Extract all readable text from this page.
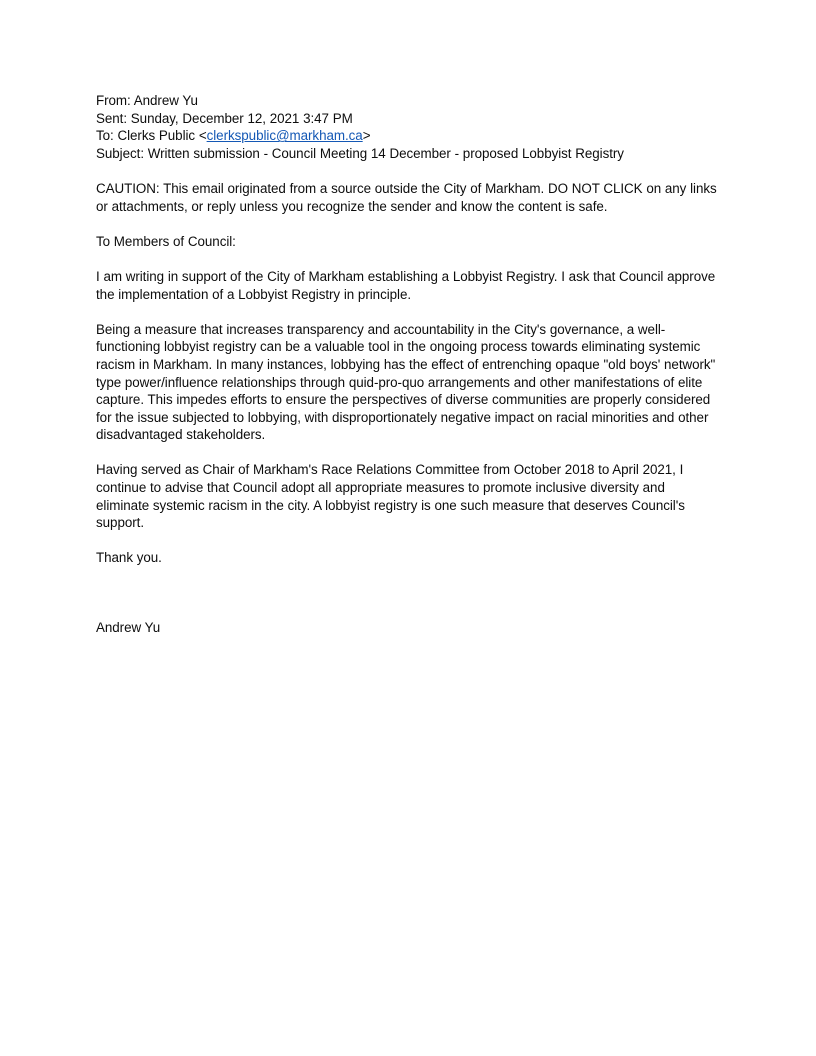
From: Andrew Yu
Sent: Sunday, December 12, 2021 3:47 PM
To: Clerks Public <clerkspublic@markham.ca>
Subject: Written submission - Council Meeting 14 December - proposed Lobbyist Registry

CAUTION: This email originated from a source outside the City of Markham. DO NOT CLICK on any links or attachments, or reply unless you recognize the sender and know the content is safe.

To Members of Council:

I am writing in support of the City of Markham establishing a Lobbyist Registry. I ask that Council approve the implementation of a Lobbyist Registry in principle.

Being a measure that increases transparency and accountability in the City's governance, a well-functioning lobbyist registry can be a valuable tool in the ongoing process towards eliminating systemic racism in Markham. In many instances, lobbying has the effect of entrenching opaque "old boys' network" type power/influence relationships through quid-pro-quo arrangements and other manifestations of elite capture. This impedes efforts to ensure the perspectives of diverse communities are properly considered for the issue subjected to lobbying, with disproportionately negative impact on racial minorities and other disadvantaged stakeholders.

Having served as Chair of Markham's Race Relations Committee from October 2018 to April 2021, I continue to advise that Council adopt all appropriate measures to promote inclusive diversity and eliminate systemic racism in the city. A lobbyist registry is one such measure that deserves Council's support.

Thank you.

Andrew Yu
